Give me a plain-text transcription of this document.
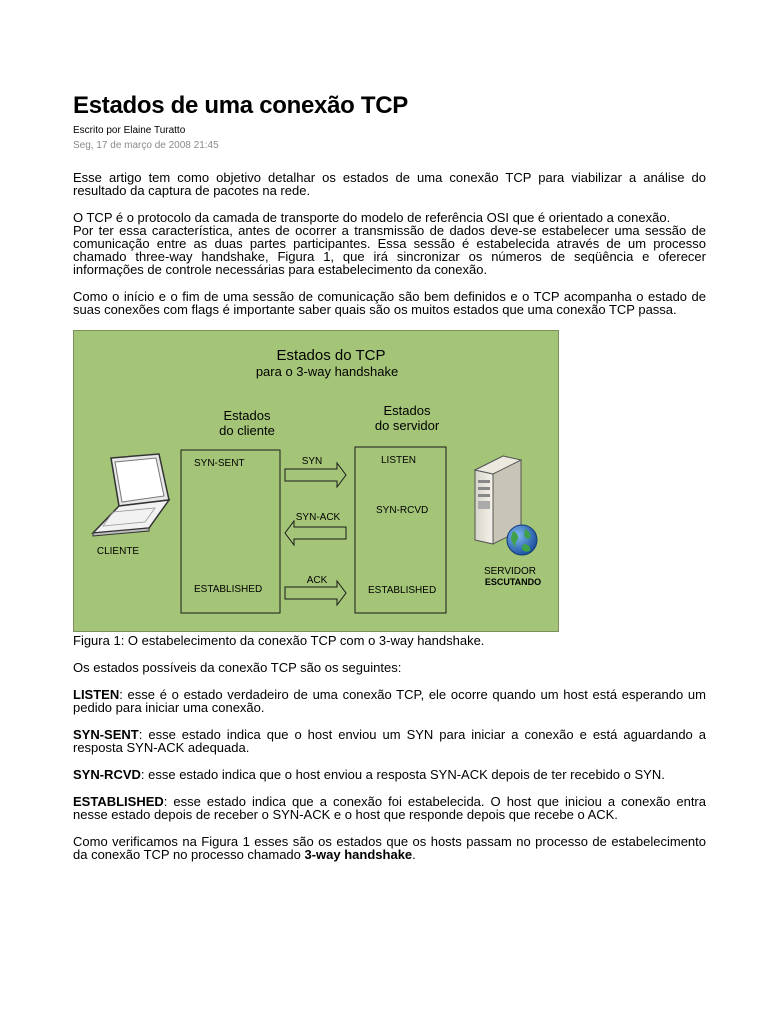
Estados de uma conexão TCP
Escrito por Elaine Turatto
Seg, 17 de março de 2008 21:45

Esse artigo tem como objetivo detalhar os estados de uma conexão TCP para viabilizar a análise do resultado da captura de pacotes na rede.

O TCP é o protocolo da camada de transporte do modelo de referência OSI que é orientado a conexão.

Por ter essa característica, antes de ocorrer a transmissão de dados deve-se estabelecer uma sessão de comunicação entre as duas partes participantes. Essa sessão é estabelecida através de um processo chamado three-way handshake, Figura 1, que irá sincronizar os números de seqüência e oferecer informações de controle necessárias para estabelecimento da conexão.

Como o início e o fim de uma sessão de comunicação são bem definidos e o TCP acompanha o estado de suas conexões com flags é importante saber quais são os muitos estados que uma conexão TCP passa.

Estados do TCP
para o 3-way handshake
Estados
do cliente
Estados
do servidor
SYN-SENT
ESTABLISHED
LISTEN
SYN-RCVD
ESTABLISHED
SYN
SYN-ACK
ACK
CLIENTE
SERVIDOR
ESCUTANDO

Figura 1: O estabelecimento da conexão TCP com o 3-way handshake.

Os estados possíveis da conexão TCP são os seguintes:

LISTEN: esse é o estado verdadeiro de uma conexão TCP, ele ocorre quando um host está esperando um pedido para iniciar uma conexão.

SYN-SENT: esse estado indica que o host enviou um SYN para iniciar a conexão e está aguardando a resposta SYN-ACK adequada.

SYN-RCVD: esse estado indica que o host enviou a resposta SYN-ACK depois de ter recebido o SYN.

ESTABLISHED: esse estado indica que a conexão foi estabelecida. O host que iniciou a conexão entra nesse estado depois de receber o SYN-ACK e o host que responde depois que recebe o ACK.

Como verificamos na Figura 1 esses são os estados que os hosts passam no processo de estabelecimento da conexão TCP no processo chamado 3-way handshake.
